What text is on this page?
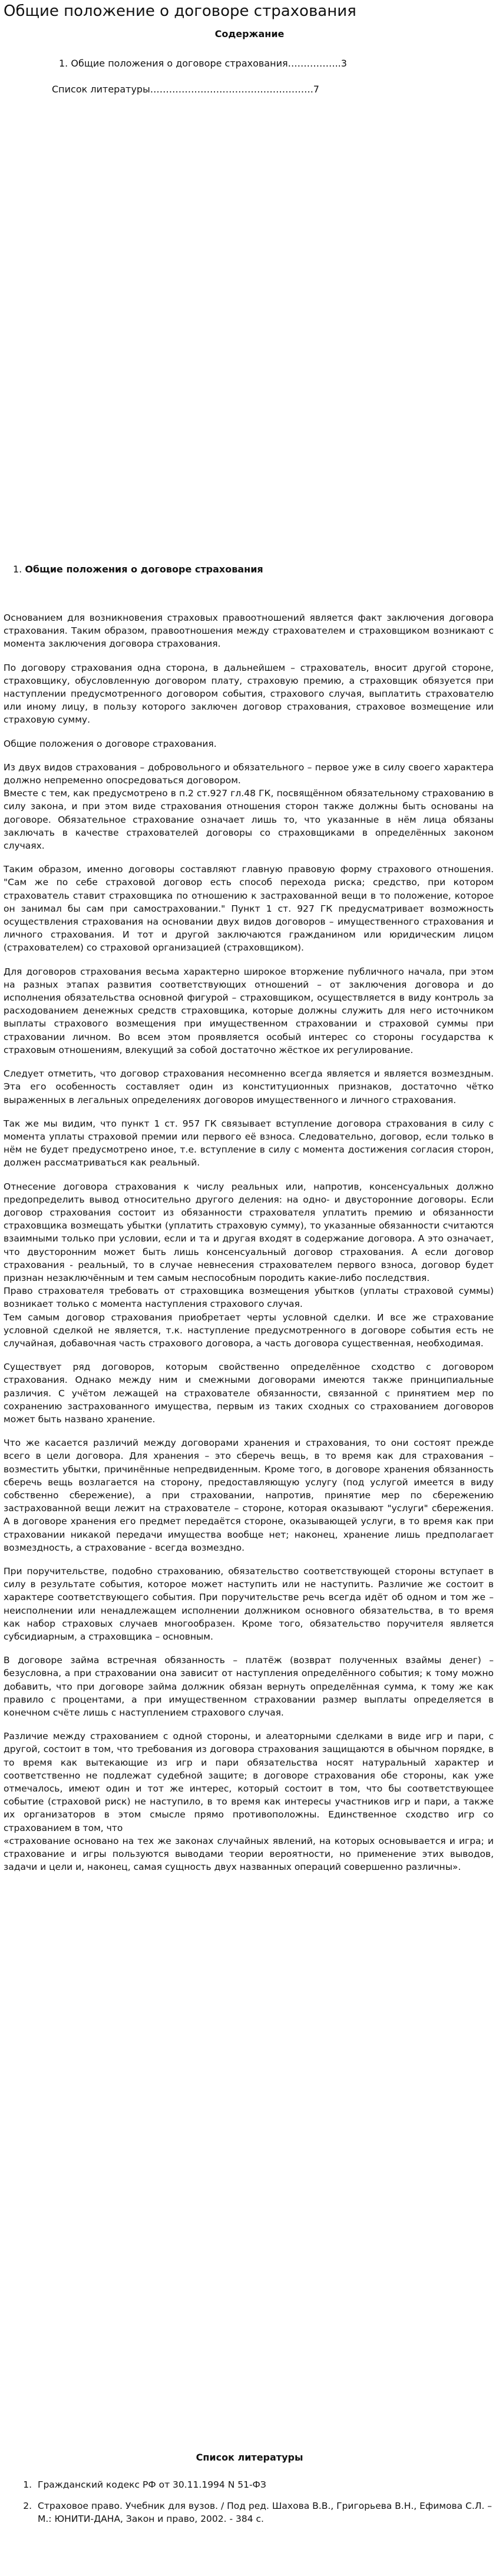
Общие положение о договоре страхования
Содержание
1. Общие положения о договоре страхования……………..3
Список литературы…………………………………………….7
1. Общие положения о договоре страхования

Основанием для возникновения страховых правоотношений является факт заключения договора страхования. Таким образом, правоотношения между страхователем и страховщиком возникают с момента заключения договора страхования.

По договору страхования одна сторона, в дальнейшем – страхователь, вносит другой стороне, страховщику, обусловленную договором плату, страховую премию, а страховщик обязуется при наступлении предусмотренного договором события, страхового случая, выплатить страхователю или иному лицу, в пользу которого заключен договор страхования, страховое возмещение или страховую сумму.

Общие положения о договоре страхования.

Из двух видов страхования – добровольного и обязательного – первое уже в силу своего характера должно непременно опосредоваться договором.

Вместе с тем, как предусмотрено в п.2 ст.927 гл.48 ГК, посвящённом обязательному страхованию в силу закона, и при этом виде страхования отношения сторон также должны быть основаны на договоре. Обязательное страхование означает лишь то, что указанные в нём лица обязаны заключать в качестве страхователей договоры со страховщиками в определённых законом случаях.

Таким образом, именно договоры составляют главную правовую форму страхового отношения. "Сам же по себе страховой договор есть способ перехода риска; средство, при котором страхователь ставит страховщика по отношению к застрахованной вещи в то положение, которое он занимал бы сам при самостраховании." Пункт 1 ст. 927 ГК предусматривает возможность осуществления страхования на основании двух видов договоров – имущественного страхования и личного страхования. И тот и другой заключаются гражданином или юридическим лицом (страхователем) со страховой организацией (страховщиком).

Для договоров страхования весьма характерно широкое вторжение публичного начала, при этом на разных этапах развития соответствующих отношений – от заключения договора и до исполнения обязательства основной фигурой – страховщиком, осуществляется в виду контроль за расходованием денежных средств страховщика, которые должны служить для него источником выплаты страхового возмещения при имущественном страховании и страховой суммы при страховании личном. Во всем этом проявляется особый интерес со стороны государства к страховым отношениям, влекущий за собой достаточно жёсткое их регулирование.

Следует отметить, что договор страхования несомненно всегда является и является возмездным. Эта его особенность составляет один из конституционных признаков, достаточно чётко выраженных в легальных определениях договоров имущественного и личного страхования.

Так же мы видим, что пункт 1 ст. 957 ГК связывает вступление договора страхования в силу с момента уплаты страховой премии или первого её взноса. Следовательно, договор, если только в нём не будет предусмотрено иное, т.е. вступление в силу с момента достижения согласия сторон, должен рассматриваться как реальный.

Отнесение договора страхования к числу реальных или, напротив, консенсуальных должно предопределить вывод относительно другого деления: на одно- и двусторонние договоры. Если договор страхования состоит из обязанности страхователя уплатить премию и обязанности страховщика возмещать убытки (уплатить страховую сумму), то указанные обязанности считаются взаимными только при условии, если и та и другая входят в содержание договора. А это означает, что двусторонним может быть лишь консенсуальный договор страхования. А если договор страхования - реальный, то в случае невнесения страхователем первого взноса, договор будет признан незаключённым и тем самым неспособным породить какие-либо последствия.

Право страхователя требовать от страховщика возмещения убытков (уплаты страховой суммы) возникает только с момента наступления страхового случая.

Тем самым договор страхования приобретает черты условной сделки. И все же страхование условной сделкой не является, т.к. наступление предусмотренного в договоре события есть не случайная, добавочная часть страхового договора, а часть договора существенная, необходимая.

Существует ряд договоров, которым свойственно определённое сходство с договором страхования. Однако между ним и смежными договорами имеются также принципиальные различия. С учётом лежащей на страхователе обязанности, связанной с принятием мер по сохранению застрахованного имущества, первым из таких сходных со страхованием договоров может быть названо хранение.

Что же касается различий между договорами хранения и страхования, то они состоят прежде всего в цели договора. Для хранения – это сберечь вещь, в то время как для страхования – возместить убытки, причинённые непредвиденным. Кроме того, в договоре хранения обязанность сберечь вещь возлагается на сторону, предоставляющую услугу (под услугой имеется в виду собственно сбережение), а при страховании, напротив, принятие мер по сбережению застрахованной вещи лежит на страхователе – стороне, которая оказывают "услуги" сбережения. А в договоре хранения его предмет передаётся стороне, оказывающей услуги, в то время как при страховании никакой передачи имущества вообще нет; наконец, хранение лишь предполагает возмездность, а страхование - всегда возмездно.

При поручительстве, подобно страхованию, обязательство соответствующей стороны вступает в силу в результате события, которое может наступить или не наступить. Различие же состоит в характере соответствующего события. При поручительстве речь всегда идёт об одном и том же – неисполнении или ненадлежащем исполнении должником основного обязательства, в то время как набор страховых случаев многообразен. Кроме того, обязательство поручителя является субсидиарным, а страховщика – основным.

В договоре займа встречная обязанность – платёж (возврат полученных взаймы денег) – безусловна, а при страховании она зависит от наступления определённого события; к тому можно добавить, что при договоре займа должник обязан вернуть определённая сумма, к тому же как правило с процентами, а при имущественном страховании размер выплаты определяется в конечном счёте лишь с наступлением страхового случая.

Различие между страхованием с одной стороны, и алеаторными сделками в виде игр и пари, с другой, состоит в том, что требования из договора страхования защищаются в обычном порядке, в то время как вытекающие из игр и пари обязательства носят натуральный характер и соответственно не подлежат судебной защите; в договоре страхования обе стороны, как уже отмечалось, имеют один и тот же интерес, который состоит в том, что бы соответствующее событие (страховой риск) не наступило, в то время как интересы участников игр и пари, а также их организаторов в этом смысле прямо противоположны. Единственное сходство игр со страхованием в том, что

«страхование основано на тех же законах случайных явлений, на которых основывается и игра; и страхование и игры пользуются выводами теории вероятности, но применение этих выводов, задачи и цели и, наконец, самая сущность двух названных операций совершенно различны».

Список литературы
1. Гражданский кодекс РФ от 30.11.1994 N 51-ФЗ
2. Страховое право. Учебник для вузов. / Под ред. Шахова В.В., Григорьева В.Н., Ефимова С.Л. – М.: ЮНИТИ-ДАНА, Закон и право, 2002. - 384 с.
